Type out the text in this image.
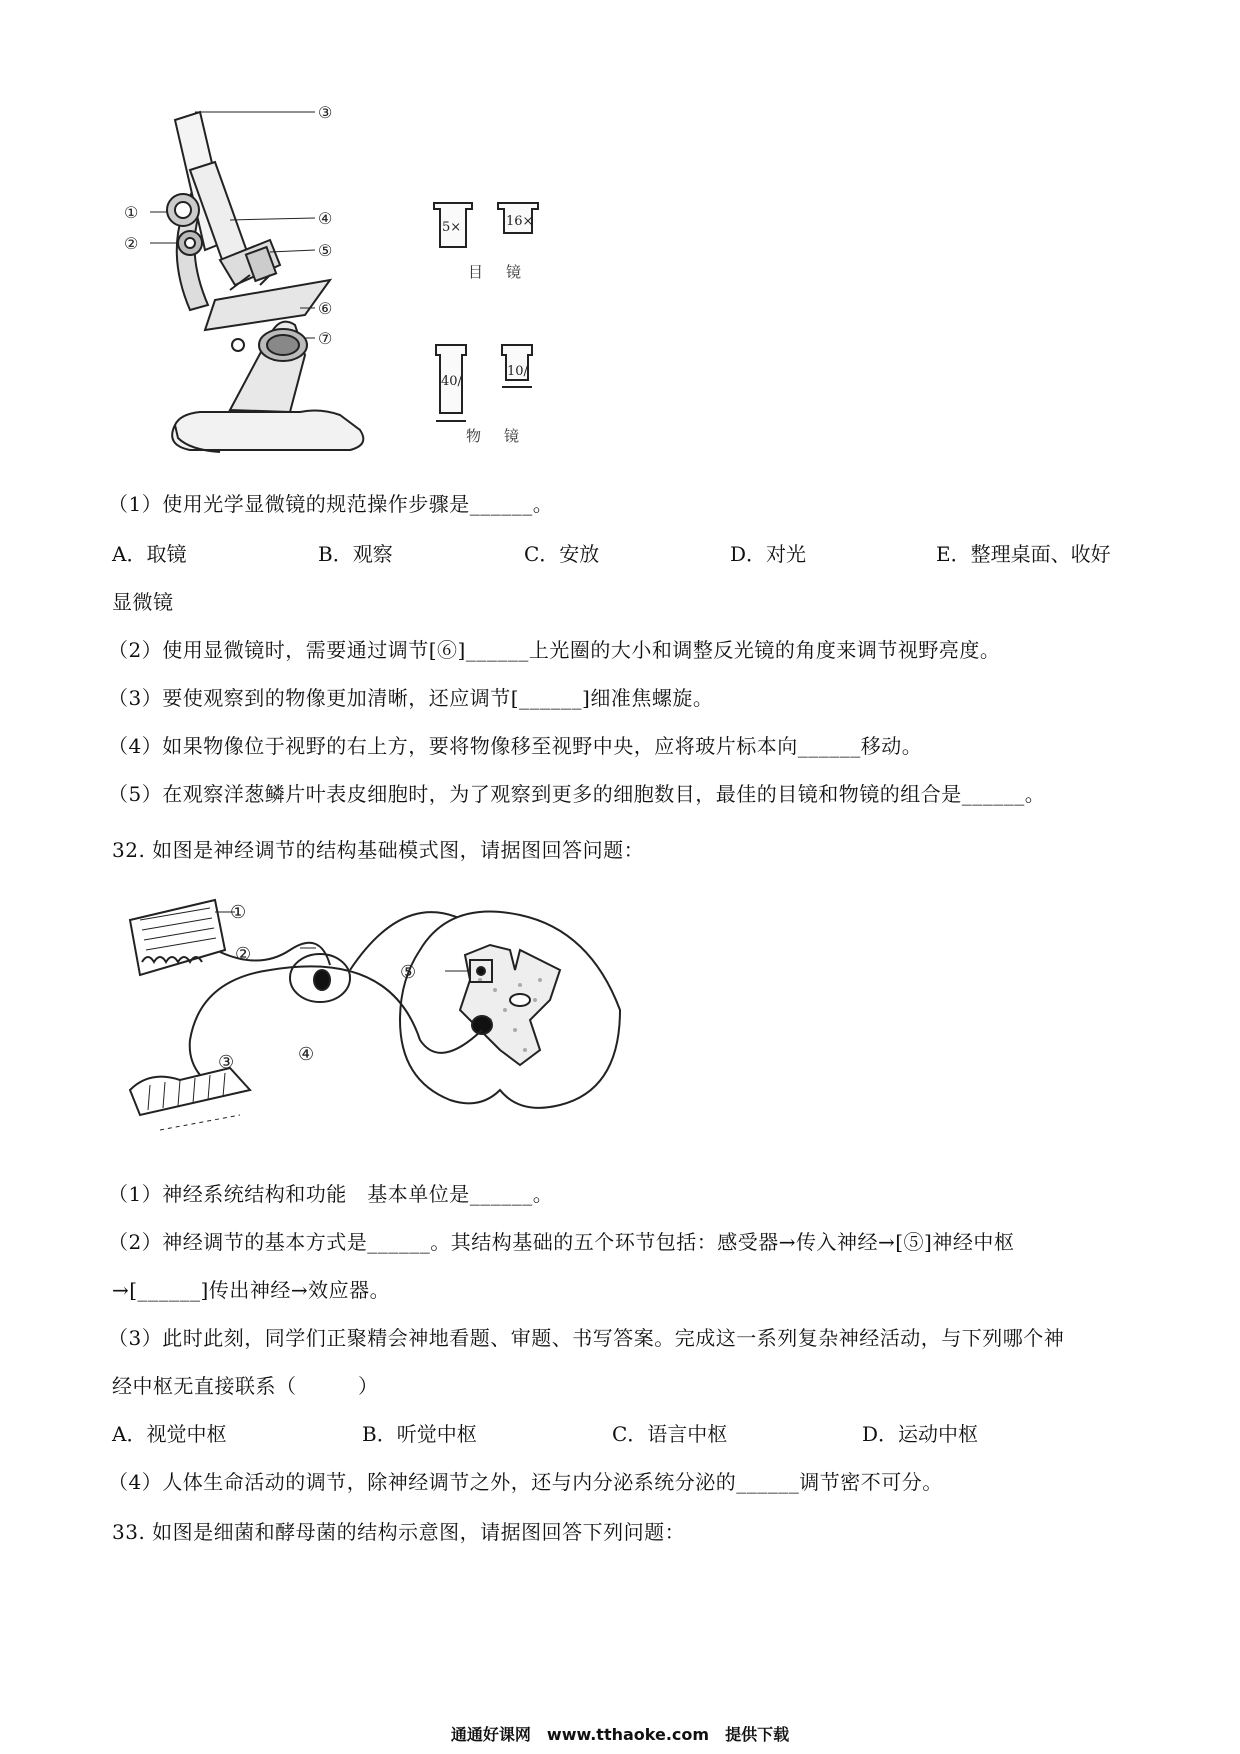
③
①	④
②	⑤
⑥
⑦
5×	16×
40/
10/
目 镜
物 镜
（1）使用光学显微镜的规范操作步骤是______。
A．取镜	B．观察	C．安放	D．对光	E．整理桌面、收好
显微镜
（2）使用显微镜时，需要通过调节[⑥]______上光圈的大小和调整反光镜的角度来调节视野亮度。
（3）要使观察到的物像更加清晰，还应调节[______]细准焦螺旋。
（4）如果物像位于视野的右上方，要将物像移至视野中央，应将玻片标本向______移动。
（5）在观察洋葱鳞片叶表皮细胞时，为了观察到更多的细胞数目，最佳的目镜和物镜的组合是______。
32. 如图是神经调节的结构基础模式图，请据图回答问题：
①
②
③	④
⑤
（1）神经系统结构和功能　基本单位是______。
（2）神经调节的基本方式是______。其结构基础的五个环节包括：感受器→传入神经→[⑤]神经中枢
→[______]传出神经→效应器。
（3）此时此刻，同学们正聚精会神地看题、审题、书写答案。完成这一系列复杂神经活动，与下列哪个神
经中枢无直接联系（　　　）
A．视觉中枢	B．听觉中枢	C．语言中枢	D．运动中枢
（4）人体生命活动的调节，除神经调节之外，还与内分泌系统分泌的______调节密不可分。
33. 如图是细菌和酵母菌的结构示意图，请据图回答下列问题：
通通好课网　www.tthaoke.com　提供下载
